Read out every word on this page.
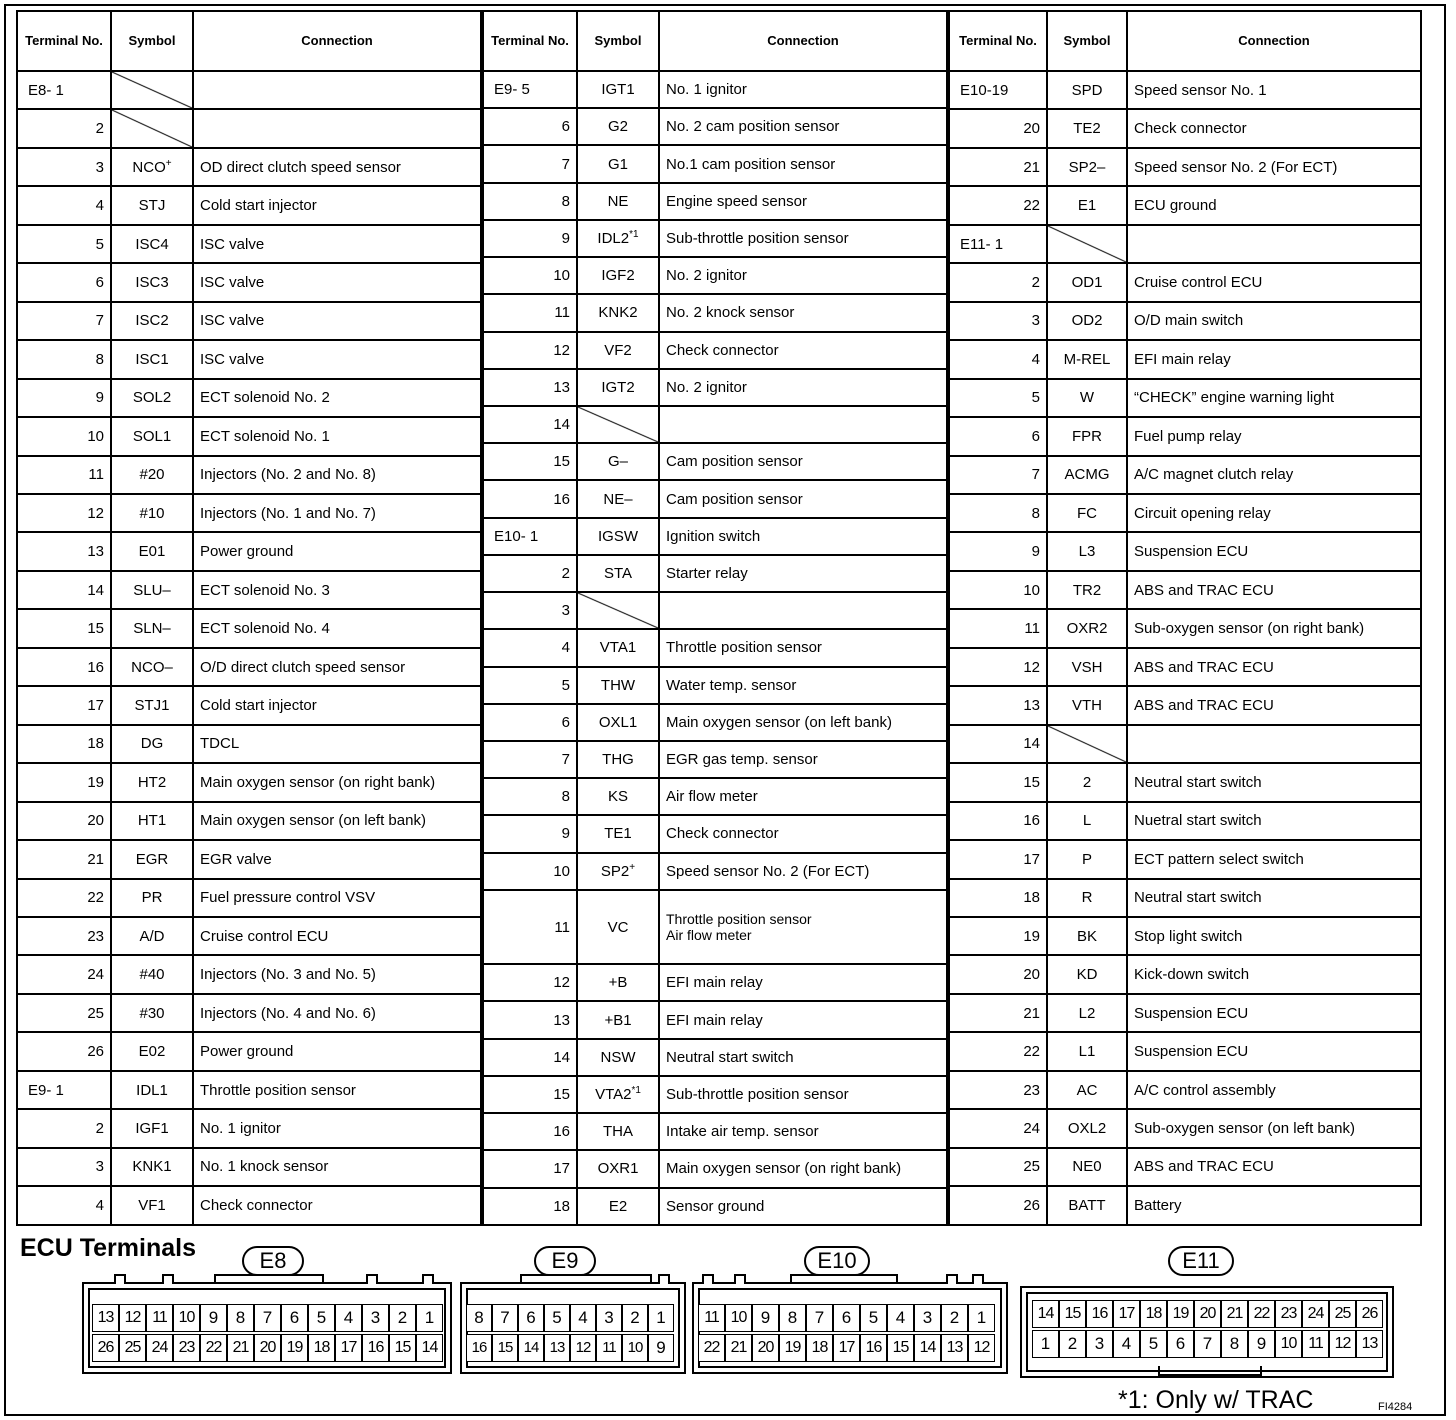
Terminal No.	Symbol	Connection
E8- 1		
2		
3	NCO+	OD direct clutch speed sensor
4	STJ	Cold start injector
5	ISC4	ISC valve
6	ISC3	ISC valve
7	ISC2	ISC valve
8	ISC1	ISC valve
9	SOL2	ECT solenoid No. 2
10	SOL1	ECT solenoid No. 1
11	#20	Injectors (No. 2 and No. 8)
12	#10	Injectors (No. 1 and No. 7)
13	E01	Power ground
14	SLU–	ECT solenoid No. 3
15	SLN–	ECT solenoid No. 4
16	NCO–	O/D direct clutch speed sensor
17	STJ1	Cold start injector
18	DG	TDCL
19	HT2	Main oxygen sensor (on right bank)
20	HT1	Main oxygen sensor (on left bank)
21	EGR	EGR valve
22	PR	Fuel pressure control VSV
23	A/D	Cruise control ECU
24	#40	Injectors (No. 3 and No. 5)
25	#30	Injectors (No. 4 and No. 6)
26	E02	Power ground
E9- 1	IDL1	Throttle position sensor
2	IGF1	No. 1 ignitor
3	KNK1	No. 1 knock sensor
4	VF1	Check connector
Terminal No.	Symbol	Connection
E9- 5	IGT1	No. 1 ignitor
6	G2	No. 2 cam position sensor
7	G1	No.1 cam position sensor
8	NE	Engine speed sensor
9	IDL2$^{*1}$	Sub-throttle position sensor
10	IGF2	No. 2 ignitor
11	KNK2	No. 2 knock sensor
12	VF2	Check connector
13	IGT2	No. 2 ignitor
14		
15	G–	Cam position sensor
16	NE–	Cam position sensor
E10- 1	IGSW	Ignition switch
2	STA	Starter relay
3		
4	VTA1	Throttle position sensor
5	THW	Water temp. sensor
6	OXL1	Main oxygen sensor (on left bank)
7	THG	EGR gas temp. sensor
8	KS	Air flow meter
9	TE1	Check connector
10	SP2+	Speed sensor No. 2 (For ECT)
11	VC	Throttle position sensor
Air flow meter
12	+B	EFI main relay
13	+B1	EFI main relay
14	NSW	Neutral start switch
15	VTA2$^{*1}$	Sub-throttle position sensor
16	THA	Intake air temp. sensor
17	OXR1	Main oxygen sensor (on right bank)
18	E2	Sensor ground
Terminal No.	Symbol	Connection
E10-19	SPD	Speed sensor No. 1
20	TE2	Check connector
21	SP2–	Speed sensor No. 2 (For ECT)
22	E1	ECU ground
E11- 1		
2	OD1	Cruise control ECU
3	OD2	O/D main switch
4	M-REL	EFI main relay
5	W	“CHECK” engine warning light
6	FPR	Fuel pump relay
7	ACMG	A/C magnet clutch relay
8	FC	Circuit opening relay
9	L3	Suspension ECU
10	TR2	ABS and TRAC ECU
11	OXR2	Sub-oxygen sensor (on right bank)
12	VSH	ABS and TRAC ECU
13	VTH	ABS and TRAC ECU
14		
15	2	Neutral start switch
16	L	Nuetral start switch
17	P	ECT pattern select switch
18	R	Neutral start switch
19	BK	Stop light switch
20	KD	Kick-down switch
21	L2	Suspension ECU
22	L1	Suspension ECU
23	AC	A/C control assembly
24	OXL2	Sub-oxygen sensor (on left bank)
25	NE0	ABS and TRAC ECU
26	BATT	Battery
ECU Terminals	E8	E9	E10	E11
13 12 11 10 9	8	7	6	5	4	3	2	1
26 25 24 23 22 21 20 19 18 17 16 15 14
8 7 6 5 4 3 2 1
16 15 14 13 12 11 10 9
11 10 9	8	7	6	5	4	3	2	1
22 21 20 19 18 17 16 15 14 13 12
14 15 16 17 18 19 20 21 22 23 24 25 26
1	2	3	4	5	6	7	8	9 10 11 12 13
*1: Only w/ TRAC	FI4284
